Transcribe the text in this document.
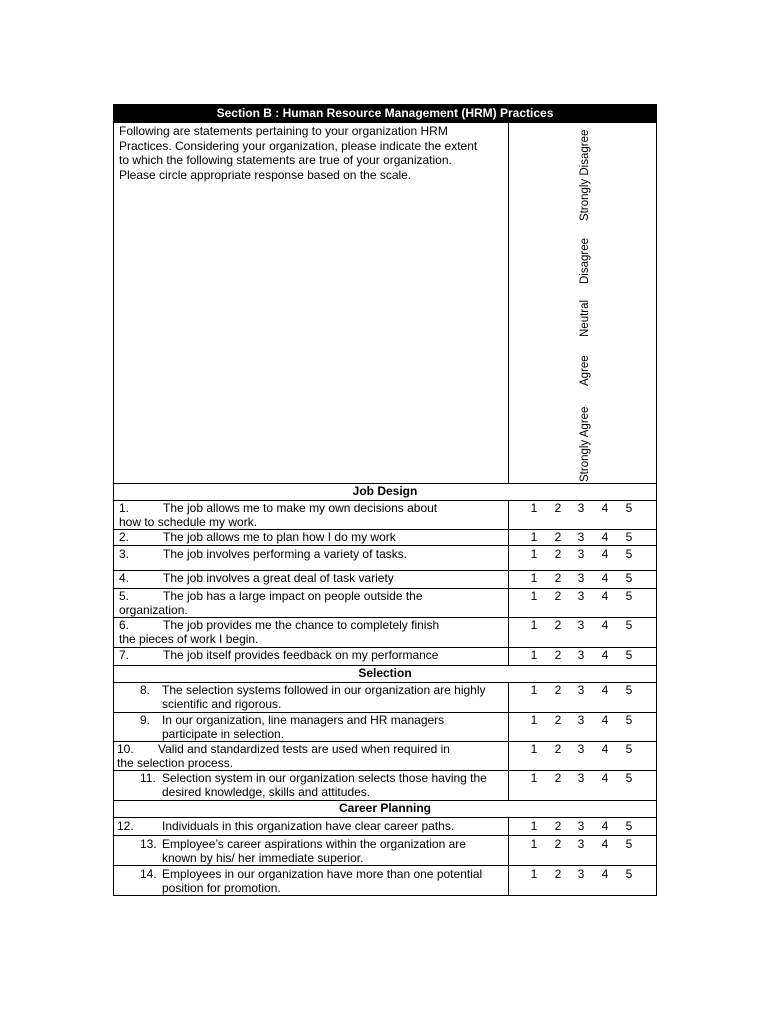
Section B : Human Resource Management (HRM) Practices
Following are statements pertaining to your organization HRM Practices. Considering your organization, please indicate the extent to which the following statements are true of your organization. Please circle appropriate response based on the scale.
Strongly Agree
Agree
Neutral
Disagree
Strongly Disagree
Job Design
1.	The job allows me to make my own decisions about
how to schedule my work.
1	2	3	4	5
2.	The job allows me to plan how I do my work	1	2	3	4	5
3.	The job involves performing a variety of tasks.	1	2	3	4	5
4.	The job involves a great deal of task variety	1	2	3	4	5
5.	The job has a large impact on people outside the
organization.
1	2	3	4	5
6.	The job provides me the chance to completely finish
the pieces of work I begin.
1	2	3	4	5
7.	The job itself provides feedback on my performance	1	2	3	4	5
Selection
8. The selection systems followed in our organization are highly
scientific and rigorous.
1	2	3	4	5
9. In our organization, line managers and HR managers
participate in selection.
1	2	3	4	5
10. Valid and standardized tests are used when required in
the selection process.
1	2	3	4	5
11. Selection system in our organization selects those having the
desired knowledge, skills and attitudes.
1	2	3	4	5
Career Planning
12. Individuals in this organization have clear career paths.	1	2	3	4	5
13. Employee’s career aspirations within the organization are
known by his/ her immediate superior.
1	2	3	4	5
14. Employees in our organization have more than one potential
position for promotion.
1	2	3	4	5
